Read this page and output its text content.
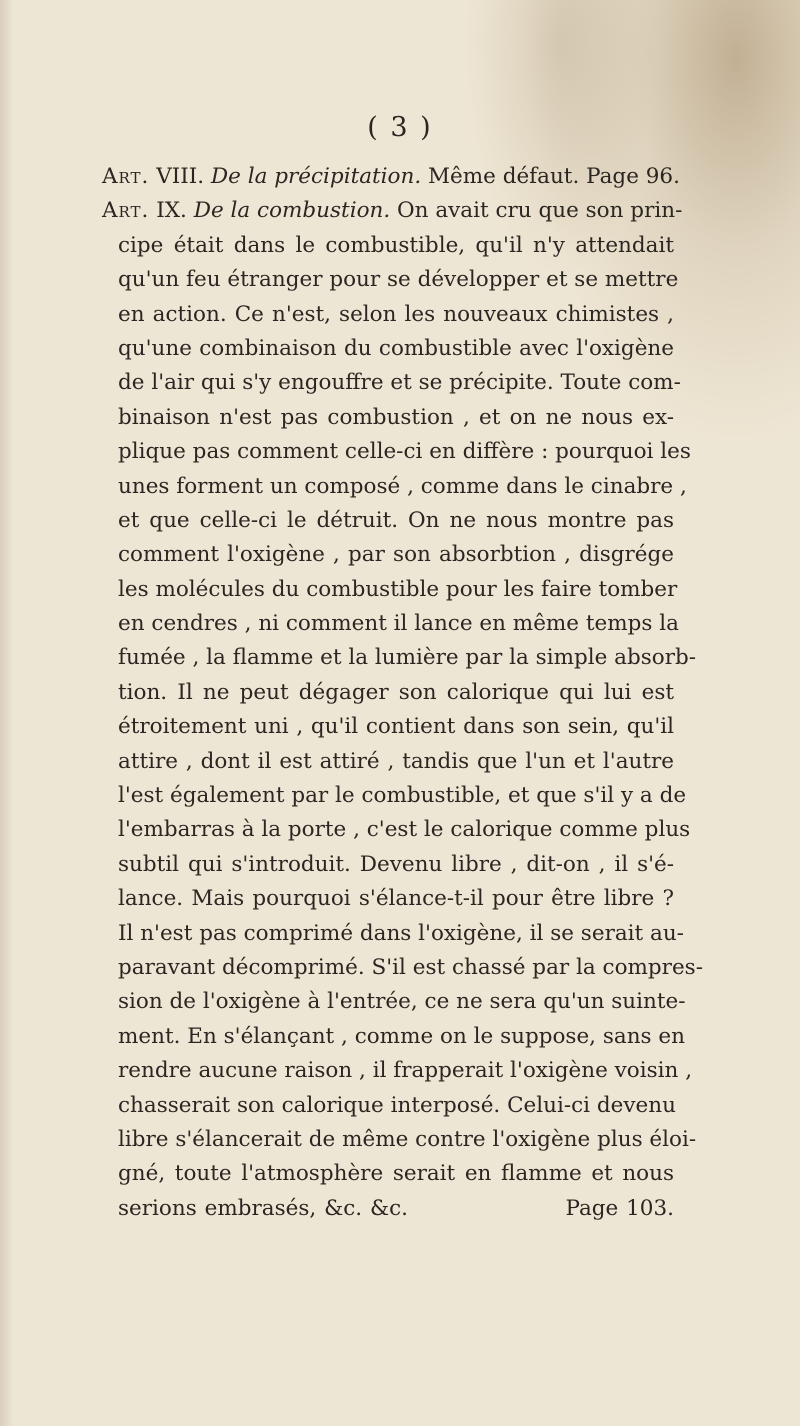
( 3 )
Art. VIII. De la précipitation. Même défaut. Page 96.
Art. IX. De la combustion. On avait cru que son prin-
cipe était dans le combustible, qu'il n'y attendait
qu'un feu étranger pour se développer et se mettre
en action. Ce n'est, selon les nouveaux chimistes ,
qu'une combinaison du combustible avec l'oxigène
de l'air qui s'y engouffre et se précipite. Toute com-
binaison n'est pas combustion , et on ne nous ex-
plique pas comment celle-ci en diffère : pourquoi les
unes forment un composé , comme dans le cinabre ,
et que celle-ci le détruit. On ne nous montre pas
comment l'oxigène , par son absorbtion , disgrége
les molécules du combustible pour les faire tomber
en cendres , ni comment il lance en même temps la
fumée , la flamme et la lumière par la simple absorb-
tion. Il ne peut dégager son calorique qui lui est
étroitement uni , qu'il contient dans son sein, qu'il
attire , dont il est attiré , tandis que l'un et l'autre
l'est également par le combustible, et que s'il y a de
l'embarras à la porte , c'est le calorique comme plus
subtil qui s'introduit. Devenu libre , dit-on , il s'é-
lance. Mais pourquoi s'élance-t-il pour être libre ?
Il n'est pas comprimé dans l'oxigène, il se serait au-
paravant décomprimé. S'il est chassé par la compres-
sion de l'oxigène à l'entrée, ce ne sera qu'un suinte-
ment. En s'élançant , comme on le suppose, sans en
rendre aucune raison , il frapperait l'oxigène voisin ,
chasserait son calorique interposé. Celui-ci devenu
libre s'élancerait de même contre l'oxigène plus éloi-
gné, toute l'atmosphère serait en flamme et nous
serions embrasés, &c. &c.                    Page 103.
